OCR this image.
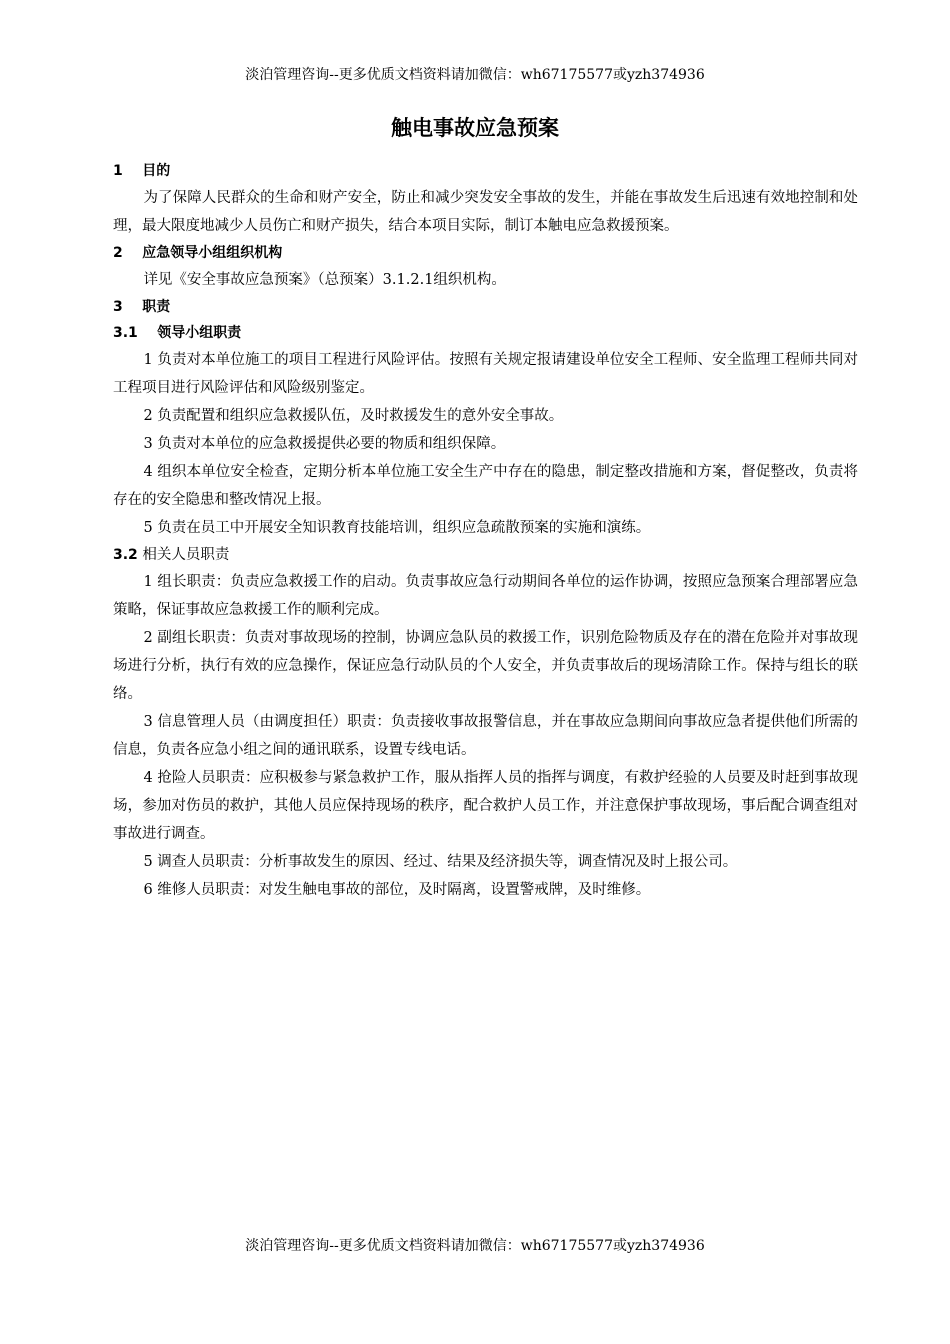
淡泊管理咨询--更多优质文档资料请加微信：wh67175577或yzh374936
触电事故应急预案

1    目的

为了保障人民群众的生命和财产安全，防止和减少突发安全事故的发生，并能在事故发生后迅速有效地控制和处理，最大限度地减少人员伤亡和财产损失，结合本项目实际，制订本触电应急救援预案。

2    应急领导小组组织机构

详见《安全事故应急预案》（总预案）3.1.2.1组织机构。

3    职责

3.1    领导小组职责

1 负责对本单位施工的项目工程进行风险评估。按照有关规定报请建设单位安全工程师、安全监理工程师共同对工程项目进行风险评估和风险级别鉴定。

2 负责配置和组织应急救援队伍，及时救援发生的意外安全事故。

3 负责对本单位的应急救援提供必要的物质和组织保障。

4 组织本单位安全检查，定期分析本单位施工安全生产中存在的隐患，制定整改措施和方案，督促整改，负责将存在的安全隐患和整改情况上报。

5 负责在员工中开展安全知识教育技能培训，组织应急疏散预案的实施和演练。

3.2 相关人员职责

1 组长职责：负责应急救援工作的启动。负责事故应急行动期间各单位的运作协调，按照应急预案合理部署应急策略，保证事故应急救援工作的顺利完成。

2 副组长职责：负责对事故现场的控制，协调应急队员的救援工作，识别危险物质及存在的潜在危险并对事故现场进行分析，执行有效的应急操作，保证应急行动队员的个人安全，并负责事故后的现场清除工作。保持与组长的联络。

3 信息管理人员（由调度担任）职责：负责接收事故报警信息，并在事故应急期间向事故应急者提供他们所需的信息，负责各应急小组之间的通讯联系，设置专线电话。

4 抢险人员职责：应积极参与紧急救护工作，服从指挥人员的指挥与调度，有救护经验的人员要及时赶到事故现场，参加对伤员的救护，其他人员应保持现场的秩序，配合救护人员工作，并注意保护事故现场，事后配合调查组对事故进行调查。

5 调查人员职责：分析事故发生的原因、经过、结果及经济损失等，调查情况及时上报公司。

6 维修人员职责：对发生触电事故的部位，及时隔离，设置警戒牌，及时维修。

淡泊管理咨询--更多优质文档资料请加微信：wh67175577或yzh374936
